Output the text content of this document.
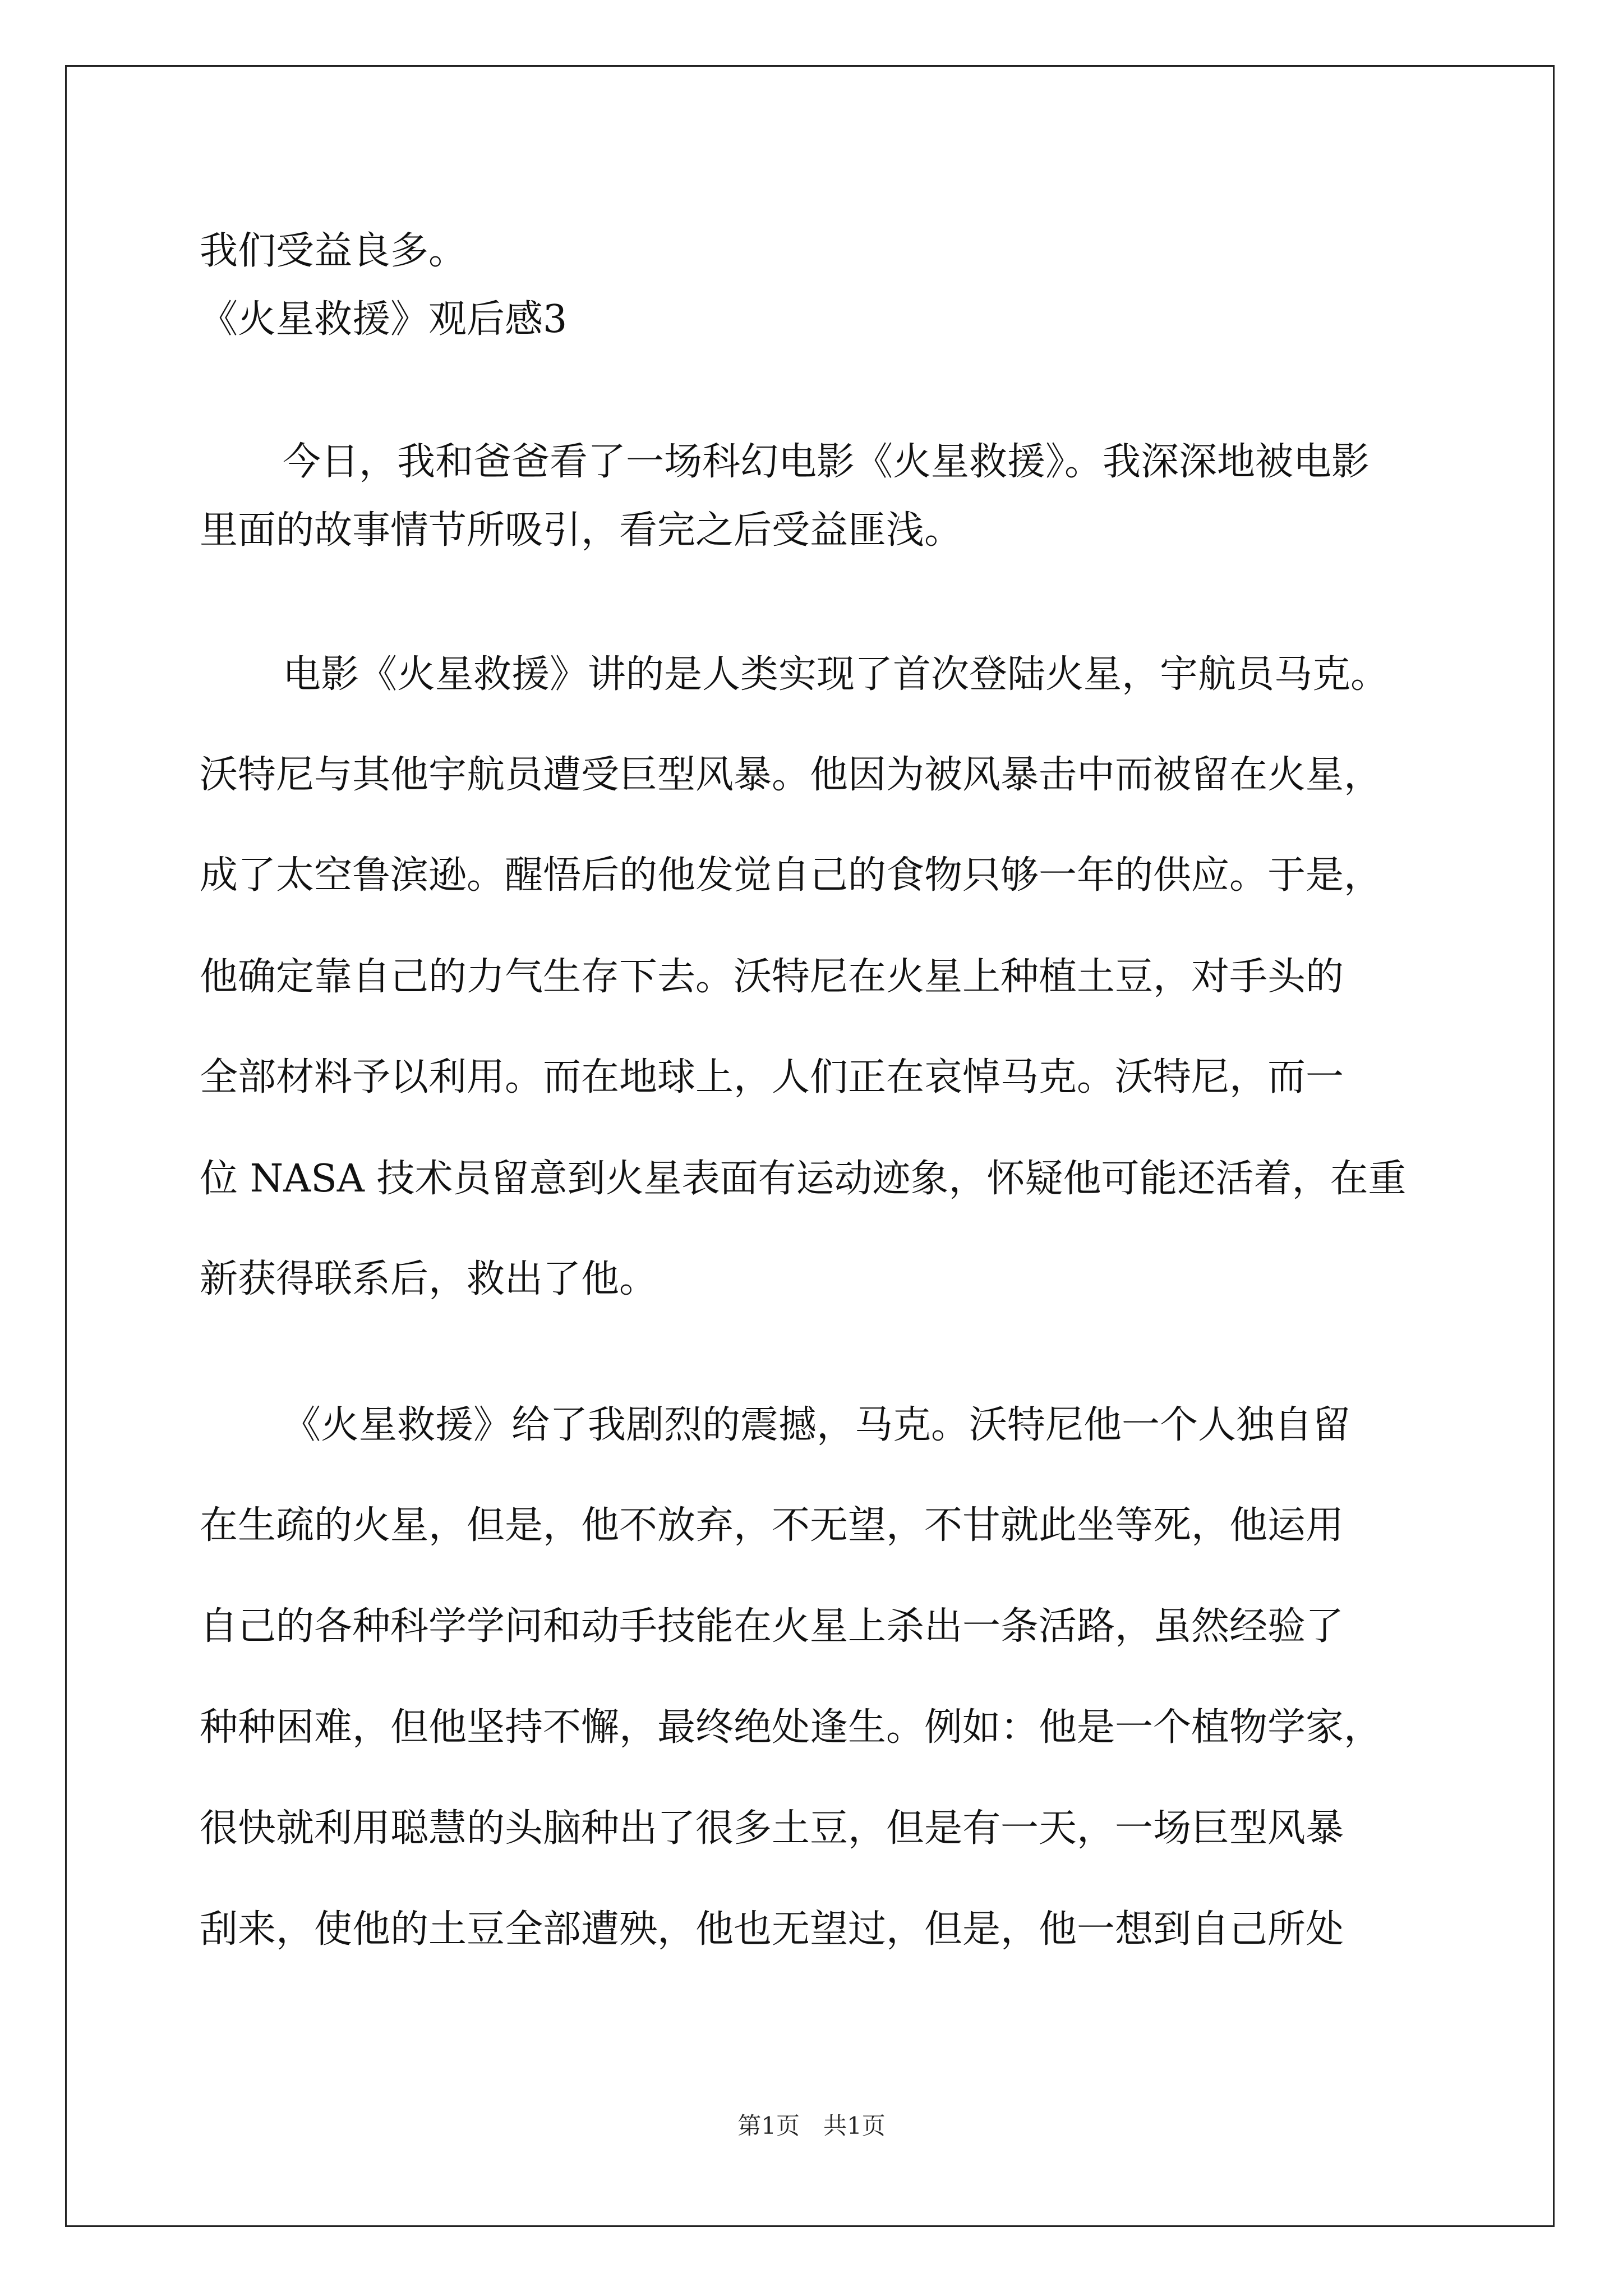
我们受益良多。
《火星救援》观后感3
今日，我和爸爸看了一场科幻电影《火星救援》。我深深地被电影
里面的故事情节所吸引，看完之后受益匪浅。
电影《火星救援》讲的是人类实现了首次登陆火星，宇航员马克。
沃特尼与其他宇航员遭受巨型风暴。他因为被风暴击中而被留在火星，
成了太空鲁滨逊。醒悟后的他发觉自己的食物只够一年的供应。于是，
他确定靠自己的力气生存下去。沃特尼在火星上种植土豆，对手头的
全部材料予以利用。而在地球上，人们正在哀悼马克。沃特尼，而一
位 NASA 技术员留意到火星表面有运动迹象，怀疑他可能还活着，在重
新获得联系后，救出了他。
《火星救援》给了我剧烈的震撼，马克。沃特尼他一个人独自留
在生疏的火星，但是，他不放弃，不无望，不甘就此坐等死，他运用
自己的各种科学学问和动手技能在火星上杀出一条活路，虽然经验了
种种困难，但他坚持不懈，最终绝处逢生。例如：他是一个植物学家，
很快就利用聪慧的头脑种出了很多土豆，但是有一天，一场巨型风暴
刮来，使他的土豆全部遭殃，他也无望过，但是，他一想到自己所处
第1页　共1页
